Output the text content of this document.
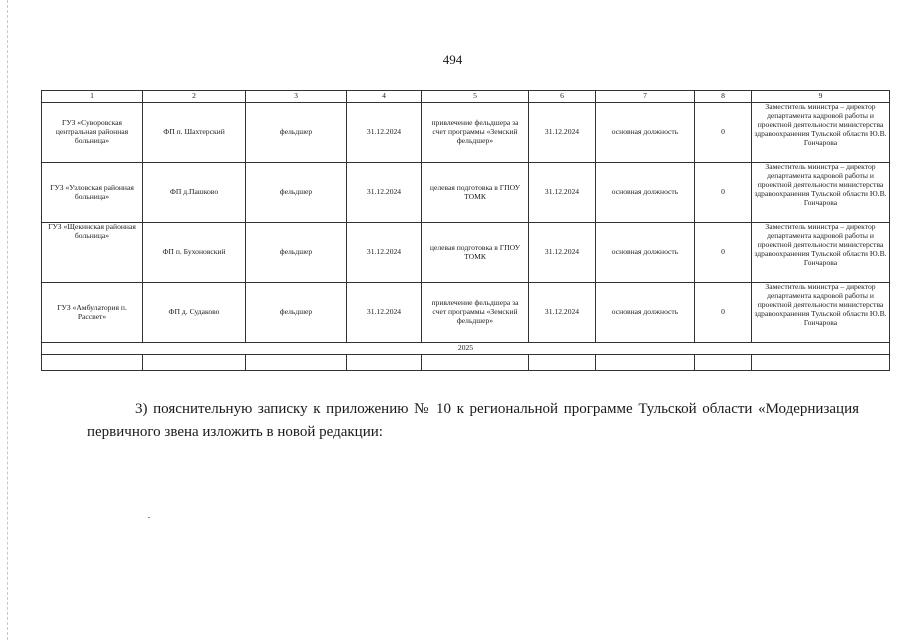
494
1	2	3	4	5	6	7	8	9
ГУЗ «Суворовская центральная районная больница»	ФП п. Шахтерский	фельдшер	31.12.2024	привлечение фельдшера за счет программы «Земский фельдшер»	31.12.2024	основная должность	0	Заместитель министра – директор департамента кадровой работы и проектной деятельности министерства здравоохранения Тульской области Ю.В. Гончарова
ГУЗ «Узловская районная больница»	ФП д.Пашково	фельдшер	31.12.2024	целевая подготовка в ГПОУ ТОМК	31.12.2024	основная должность	0	Заместитель министра – директор департамента кадровой работы и проектной деятельности министерства здравоохранения Тульской области Ю.В. Гончарова
ГУЗ «Щекинская районная больница»	ФП п. Бухоновский	фельдшер	31.12.2024	целевая подготовка в ГПОУ ТОМК	31.12.2024	основная должность	0	Заместитель министра – директор департамента кадровой работы и проектной деятельности министерства здравоохранения Тульской области Ю.В. Гончарова
ГУЗ «Амбулатория п. Рассвет»	ФП д. Судаково	фельдшер	31.12.2024	привлечение фельдшера за счет программы «Земский фельдшер»	31.12.2024	основная должность	0	Заместитель министра – директор департамента кадровой работы и проектной деятельности министерства здравоохранения Тульской области Ю.В. Гончарова
2025								

3) пояснительную записку к приложению № 10 к региональной программе Тульской области «Модернизация первичного звена изложить в новой редакции:
